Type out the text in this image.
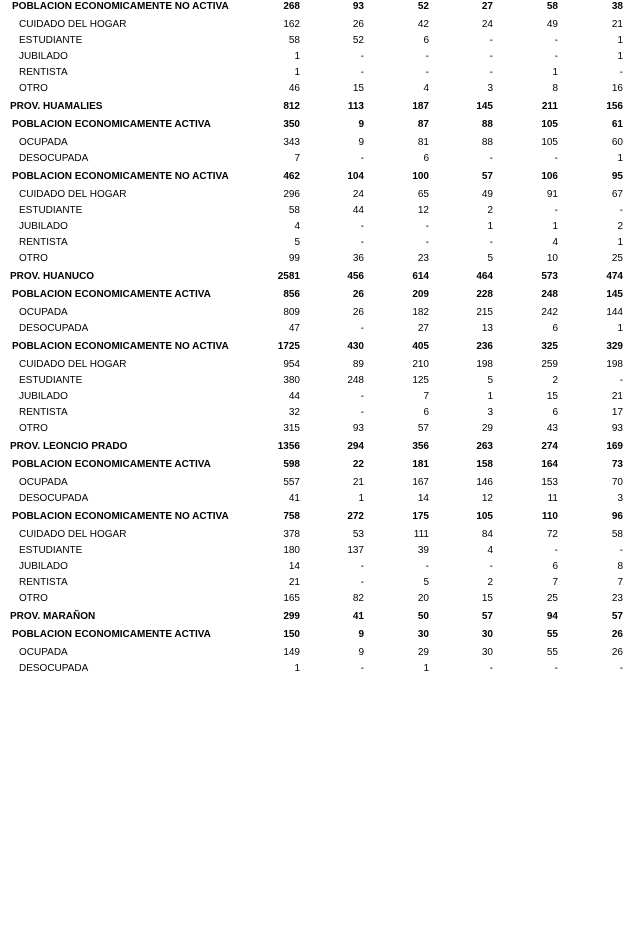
POBLACION ECONOMICAMENTE NO ACTIVA	268	93	52	27	58	38
CUIDADO DEL HOGAR	162	26	42	24	49	21
ESTUDIANTE	58	52	6	-	-	1
JUBILADO	1	-	-	-	-	1
RENTISTA	1	-	-	-	1	-
OTRO	46	15	4	3	8	16
PROV. HUAMALIES	812	113	187	145	211	156
POBLACION ECONOMICAMENTE ACTIVA	350	9	87	88	105	61
OCUPADA	343	9	81	88	105	60
DESOCUPADA	7	-	6	-	-	1
POBLACION ECONOMICAMENTE NO ACTIVA	462	104	100	57	106	95
CUIDADO DEL HOGAR	296	24	65	49	91	67
ESTUDIANTE	58	44	12	2	-	-
JUBILADO	4	-	-	1	1	2
RENTISTA	5	-	-	-	4	1
OTRO	99	36	23	5	10	25
PROV. HUANUCO	2581	456	614	464	573	474
POBLACION ECONOMICAMENTE ACTIVA	856	26	209	228	248	145
OCUPADA	809	26	182	215	242	144
DESOCUPADA	47	-	27	13	6	1
POBLACION ECONOMICAMENTE NO ACTIVA	1725	430	405	236	325	329
CUIDADO DEL HOGAR	954	89	210	198	259	198
ESTUDIANTE	380	248	125	5	2	-
JUBILADO	44	-	7	1	15	21
RENTISTA	32	-	6	3	6	17
OTRO	315	93	57	29	43	93
PROV. LEONCIO PRADO	1356	294	356	263	274	169
POBLACION ECONOMICAMENTE ACTIVA	598	22	181	158	164	73
OCUPADA	557	21	167	146	153	70
DESOCUPADA	41	1	14	12	11	3
POBLACION ECONOMICAMENTE NO ACTIVA	758	272	175	105	110	96
CUIDADO DEL HOGAR	378	53	111	84	72	58
ESTUDIANTE	180	137	39	4	-	-
JUBILADO	14	-	-	-	6	8
RENTISTA	21	-	5	2	7	7
OTRO	165	82	20	15	25	23
PROV. MARAÑON	299	41	50	57	94	57
POBLACION ECONOMICAMENTE ACTIVA	150	9	30	30	55	26
OCUPADA	149	9	29	30	55	26
DESOCUPADA	1	-	1	-	-	-
